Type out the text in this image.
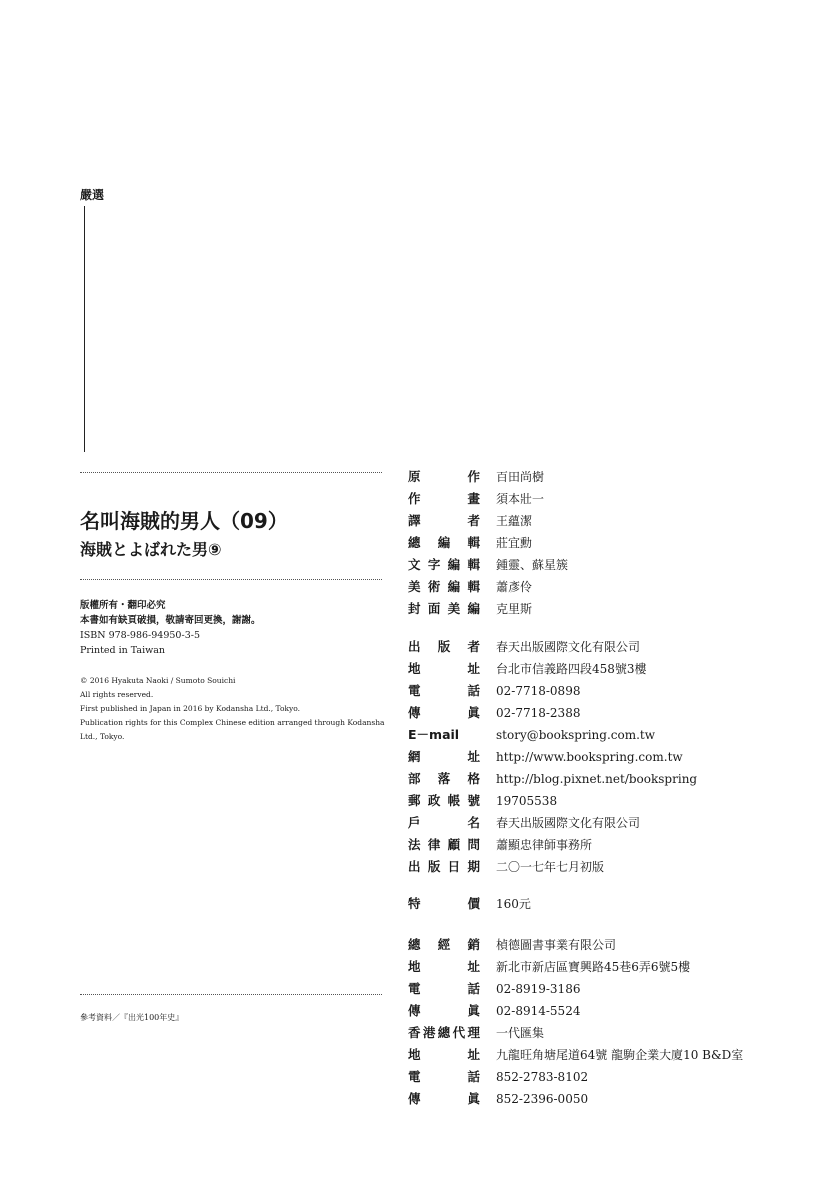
嚴選
名叫海賊的男人（09）
海賊とよばれた男⑨
版權所有・翻印必究
本書如有缺頁破損，敬請寄回更換，謝謝。
ISBN 978-986-94950-3-5
Printed in Taiwan
© 2016 Hyakuta Naoki / Sumoto Souichi
All rights reserved.
First published in Japan in 2016 by Kodansha Ltd., Tokyo.
Publication rights for this Complex Chinese edition arranged through Kodansha
Ltd., Tokyo.
參考資料／『出光100年史』
原作 百田尚樹
作畫 須本壯一
譯者 王蘊潔
總編輯 莊宜勳
文字編輯 鍾靈、蘇星簇
美術編輯 蕭彥伶
封面美編 克里斯
出版者 春天出版國際文化有限公司
地址 台北市信義路四段458號3樓
電話 02-7718-0898
傳眞 02-7718-2388
E－mail	story@bookspring.com.tw
網址 http://www.bookspring.com.tw
部落格 http://blog.pixnet.net/bookspring
郵政帳號 19705538
戶名 春天出版國際文化有限公司
法律顧問 蕭顯忠律師事務所
出版日期 二〇一七年七月初版
特價 160元
總經銷 楨德圖書事業有限公司
地址 新北市新店區寶興路45巷6弄6號5樓
電話 02-8919-3186
傳眞 02-8914-5524
香港總代理 一代匯集
地址 九龍旺角塘尾道64號 龍駒企業大廈10 B&D室
電話 852-2783-8102
傳眞 852-2396-0050
